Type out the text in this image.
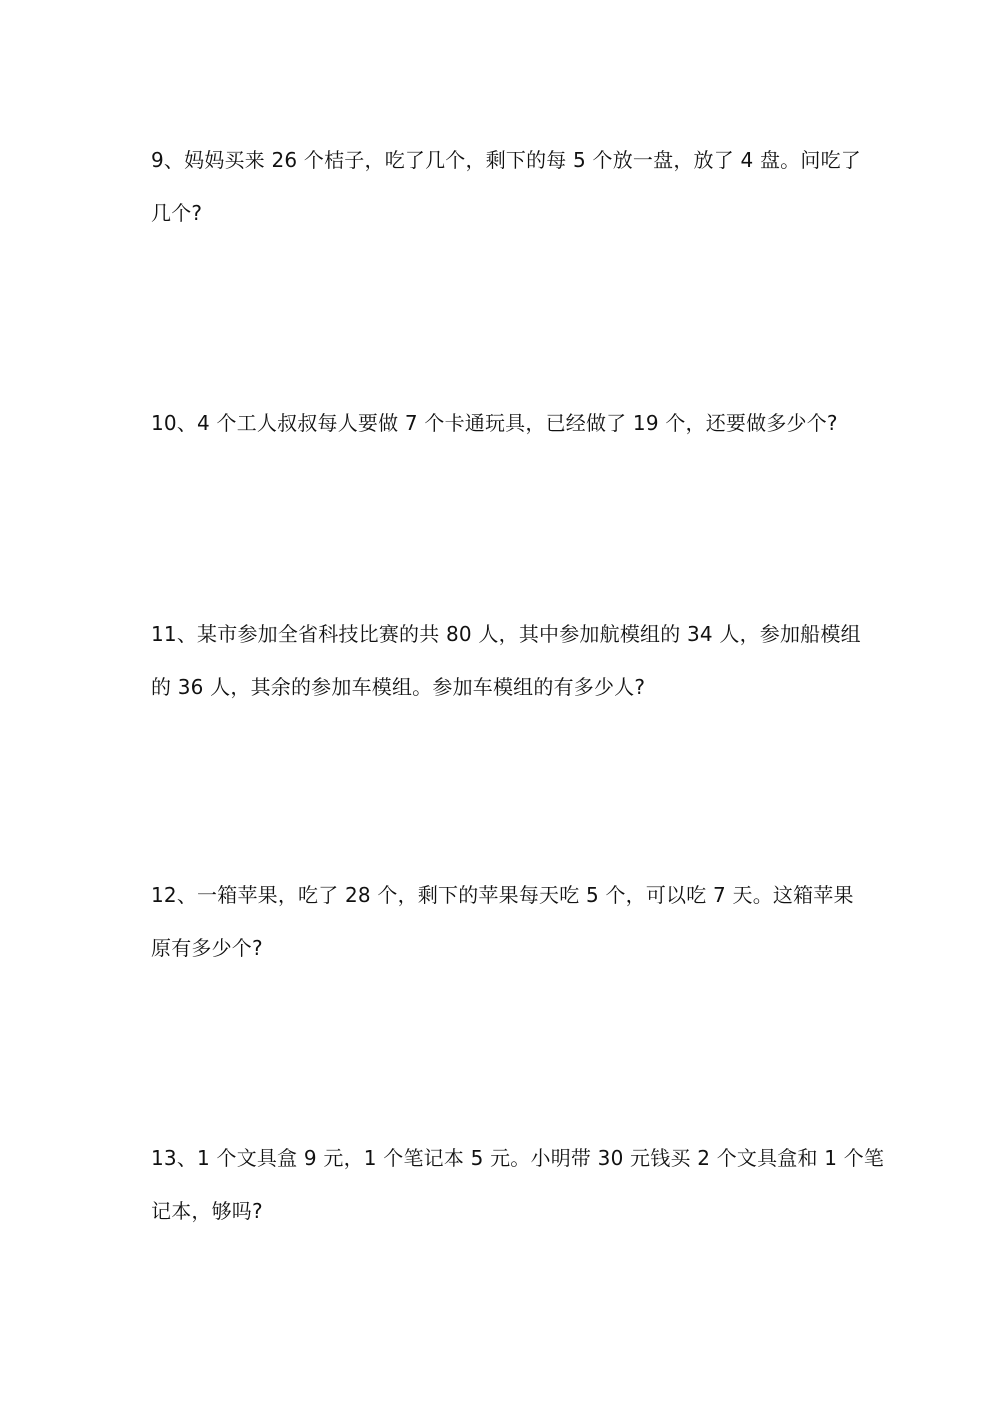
9、妈妈买来 26 个桔子，吃了几个，剩下的每 5 个放一盘，放了 4 盘。问吃了
几个?
10、4 个工人叔叔每人要做 7 个卡通玩具，已经做了 19 个，还要做多少个?
11、某市参加全省科技比赛的共 80 人，其中参加航模组的 34 人，参加船模组
的 36 人，其余的参加车模组。参加车模组的有多少人?
12、一箱苹果，吃了 28 个，剩下的苹果每天吃 5 个，可以吃 7 天。这箱苹果
原有多少个?
13、1 个文具盒 9 元，1 个笔记本 5 元。小明带 30 元钱买 2 个文具盒和 1 个笔
记本，够吗?
